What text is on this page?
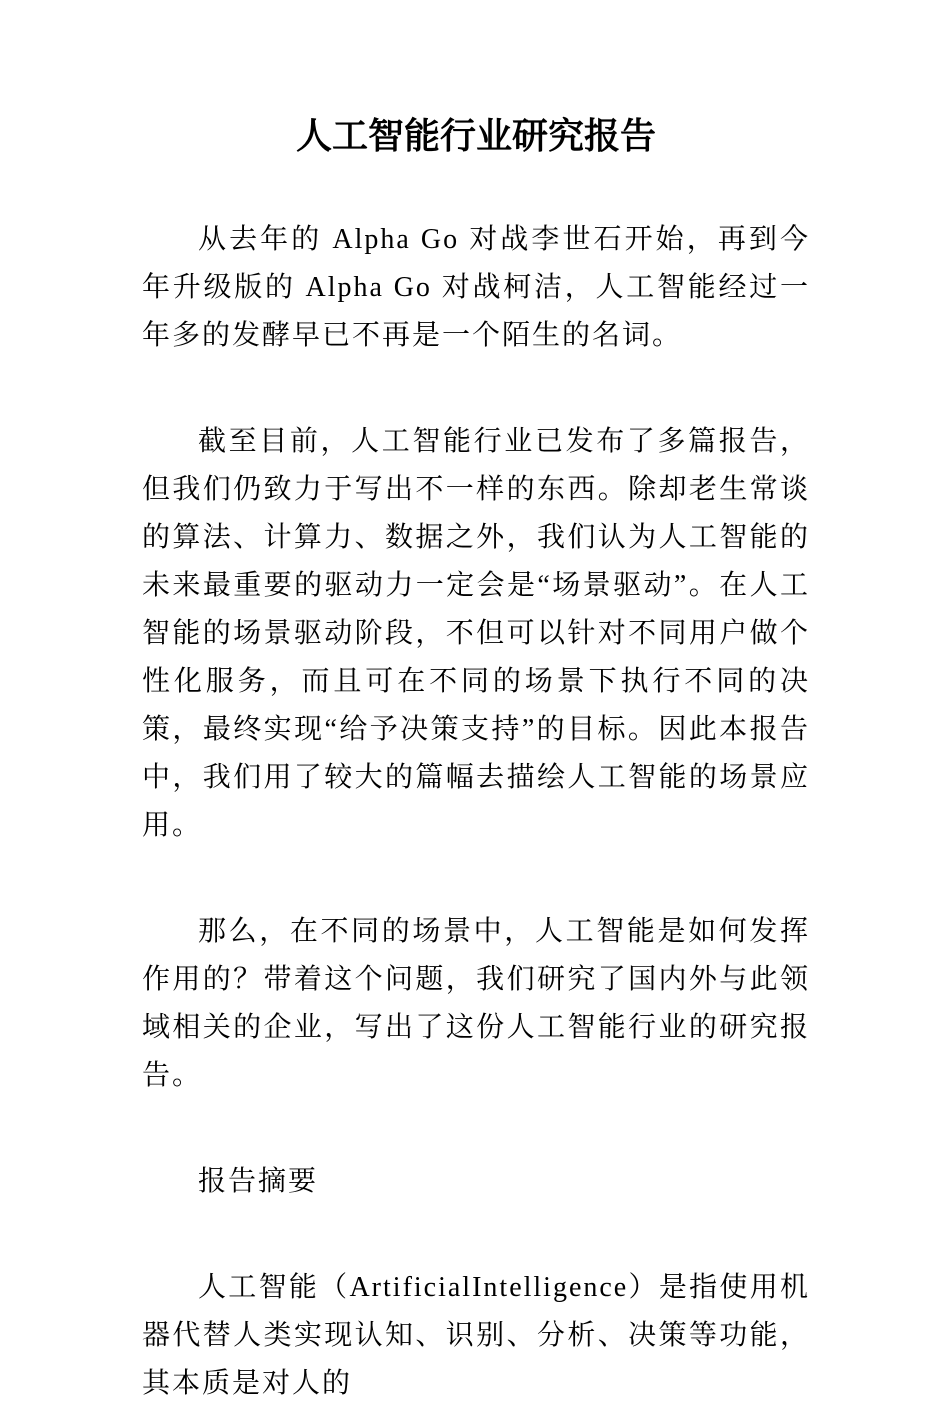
人工智能行业研究报告

从去年的 Alpha Go 对战李世石开始，再到今年升级版的 Alpha Go 对战柯洁，人工智能经过一年多的发酵早已不再是一个陌生的名词。

截至目前，人工智能行业已发布了多篇报告，但我们仍致力于写出不一样的东西。除却老生常谈的算法、计算力、数据之外，我们认为人工智能的未来最重要的驱动力一定会是“场景驱动”。在人工智能的场景驱动阶段，不但可以针对不同用户做个性化服务，而且可在不同的场景下执行不同的决策，最终实现“给予决策支持”的目标。因此本报告中，我们用了较大的篇幅去描绘人工智能的场景应用。

那么，在不同的场景中，人工智能是如何发挥作用的？带着这个问题，我们研究了国内外与此领域相关的企业，写出了这份人工智能行业的研究报告。

报告摘要

人工智能（ArtificialIntelligence）是指使用机器代替人类实现认知、识别、分析、决策等功能，其本质是对人的
